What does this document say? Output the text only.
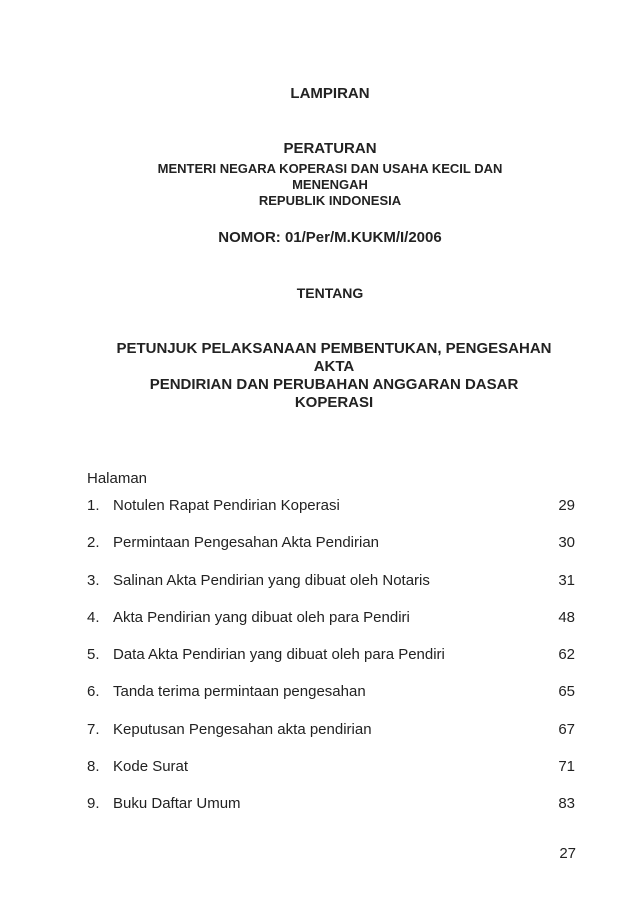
LAMPIRAN
PERATURAN
MENTERI NEGARA KOPERASI DAN USAHA KECIL DAN
MENENGAH
REPUBLIK INDONESIA
NOMOR: 01/Per/M.KUKM/I/2006
TENTANG
PETUNJUK PELAKSANAAN PEMBENTUKAN, PENGESAHAN
AKTA
PENDIRIAN DAN PERUBAHAN ANGGARAN DASAR
KOPERASI
Halaman
1. Notulen Rapat Pendirian Koperasi	29
2. Permintaan Pengesahan Akta Pendirian	30
3. Salinan Akta Pendirian yang dibuat oleh Notaris	31
4. Akta Pendirian yang dibuat oleh para Pendiri	48
5. Data Akta Pendirian yang dibuat oleh para Pendiri	62
6. Tanda terima permintaan pengesahan	65
7. Keputusan Pengesahan akta pendirian	67
8. Kode Surat	71
9. Buku Daftar Umum	83
27
